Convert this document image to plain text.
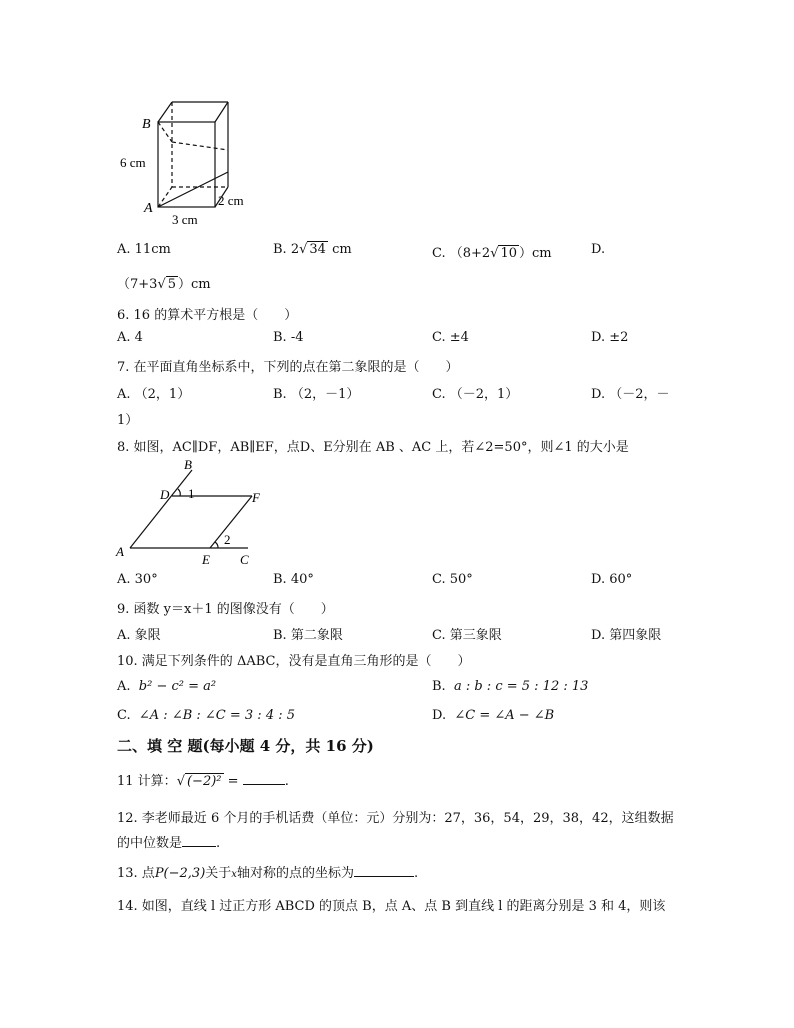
B
A
6 cm
2 cm
3 cm
A. 11cm	B. 2√ 34 cm	C. （8+2√ 10 ）cm	D.
（7+3√ 5 ）cm
6. 16 的算术平方根是（　　）
A. 4	B. -4	C. ±4	D. ±2
7. 在平面直角坐标系中，下列的点在第二象限的是（　　）
A. （2，1）	B. （2，－1）	C. （－2，1）	D. （－2，－
1）
8. 如图，AC∥DF，AB∥EF，点D、E分别在 AB 、AC 上，若∠2=50°，则∠1 的大小是
B
D 1	F
A
E
2
C
A. 30°	B. 40°	C. 50°	D. 60°
9. 函数 y＝x＋1 的图像没有（　　）
A. 象限	B. 第二象限	C. 第三象限	D. 第四象限
10. 满足下列条件的 ΔABC，没有是直角三角形的是（　　）
A. b² − c² = a²	B. a : b : c = 5 : 12 : 13
C. ∠A : ∠B : ∠C = 3 : 4 : 5	D. ∠C = ∠A − ∠B
二、填 空 题(每小题 4 分，共 16 分)
11 计算：√ (−2)² =	.
12. 李老师最近 6 个月的手机话费（单位：元）分别为：27，36，54，29，38，42，这组数据
的中位数是	.
13. 点P(−2,3)关于x轴对称的点的坐标为	.
14. 如图，直线 l 过正方形 ABCD 的顶点 B，点 A、点 B 到直线 l 的距离分别是 3 和 4，则该
